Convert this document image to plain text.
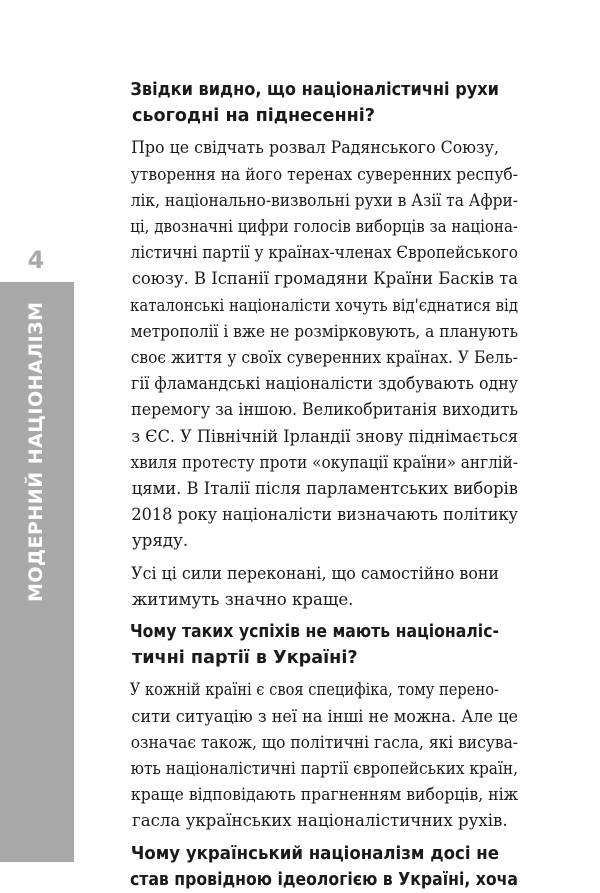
4
МОДЕРНИЙ НАЦІОНАЛІЗМ

Звідки видно, що націоналістичні рухи
сьогодні на піднесенні?

Про це свідчать розвал Радянського Союзу,
утворення на його теренах суверенних респуб-
лік, національно-визвольні рухи в Азії та Афри-
ці, двозначні цифри голосів виборців за націона-
лістичні партії у країнах-членах Європейського
союзу. В Іспанії громадяни Країни Басків та
каталонські націоналісти хочуть від'єднатися від
метрополії і вже не розмірковують, а планують
своє життя у своїх суверенних країнах. У Бель-
гії фламандські націоналісти здобувають одну
перемогу за іншою. Великобританія виходить
з ЄС. У Північній Ірландії знову піднімається
хвиля протесту проти «окупації країни» англій-
цями. В Італії після парламентських виборів
2018 року націоналісти визначають політику
уряду.

Усі ці сили переконані, що самостійно вони
житимуть значно краще.

Чому таких успіхів не мають націоналіс-
тичні партії в Україні?

У кожній країні є своя специфіка, тому перено-
сити ситуацію з неї на інші не можна. Але це
означає також, що політичні гасла, які висува-
ють націоналістичні партії європейських країн,
краще відповідають прагненням виборців, ніж
гасла українських націоналістичних рухів.

Чому український націоналізм досі не
став провідною ідеологією в Україні, хоча
